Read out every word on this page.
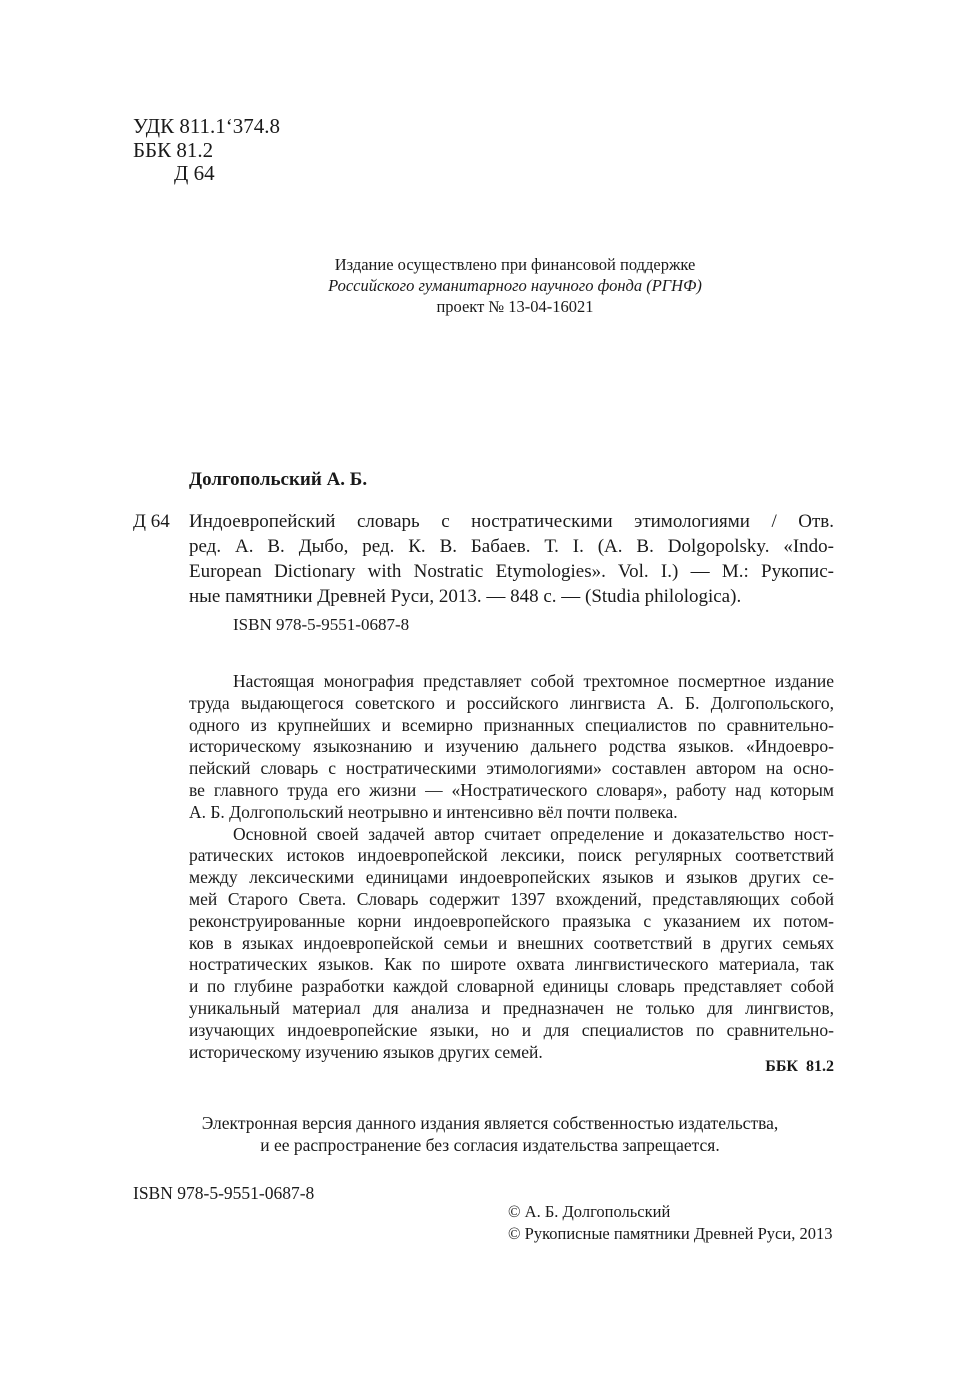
УДК 811.1‘374.8
ББК 81.2
Д 64
Издание осуществлено при финансовой поддержке
Российского гуманитарного научного фонда (РГНФ)
проект № 13-04-16021
Долгопольский А. Б.
Д 64 Индоевропейский словарь с ностратическими этимологиями / Отв.
ред. А. В. Дыбо, ред. К. В. Бабаев. Т. I. (A. B. Dolgopolsky. «Indo-
European Dictionary with Nostratic Etymologies». Vol. I.) — М.: Рукопис-
ные памятники Древней Руси, 2013. — 848 с. — (Studia philologica).
ISBN 978-5-9551-0687-8
Настоящая монография представляет собой трехтомное посмертное издание
труда выдающегося советского и российского лингвиста А. Б. Долгопольского,
одного из крупнейших и всемирно признанных специалистов по сравнительно-
историческому языкознанию и изучению дальнего родства языков. «Индоевро-
пейский словарь с ностратическими этимологиями» составлен автором на осно-
ве главного труда его жизни — «Ностратического словаря», работу над которым
А. Б. Долгопольский неотрывно и интенсивно вёл почти полвека.
Основной своей задачей автор считает определение и доказательство ност-
ратических истоков индоевропейской лексики, поиск регулярных соответствий
между лексическими единицами индоевропейских языков и языков других се-
мей Старого Света. Словарь содержит 1397 вхождений, представляющих собой
реконструированные корни индоевропейского праязыка с указанием их потом-
ков в языках индоевропейской семьи и внешних соответствий в других семьях
ностратических языков. Как по широте охвата лингвистического материала, так
и по глубине разработки каждой словарной единицы словарь представляет собой
уникальный материал для анализа и предназначен не только для лингвистов,
изучающих индоевропейские языки, но и для специалистов по сравнительно-
историческому изучению языков других семей.
ББК 81.2
Электронная версия данного издания является собственностью издательства,
и ее распространение без согласия издательства запрещается.
ISBN 978-5-9551-0687-8
© А. Б. Долгопольский
© Рукописные памятники Древней Руси, 2013
